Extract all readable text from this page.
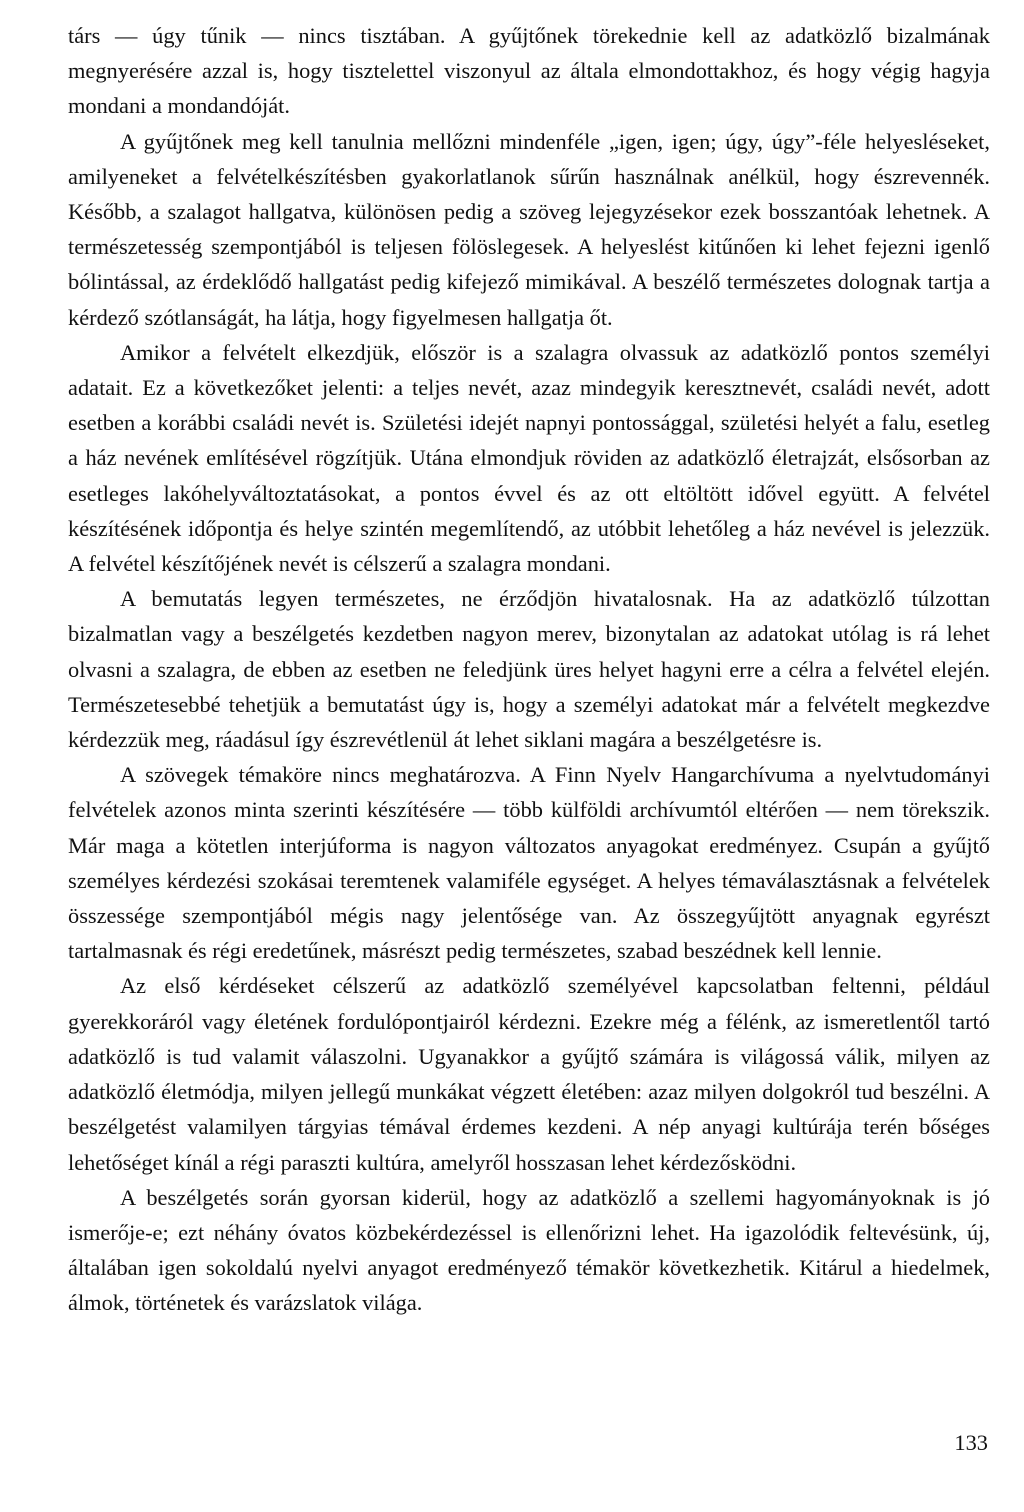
társ — úgy tűnik — nincs tisztában. A gyűjtőnek törekednie kell az adatközlő bizalmának megnyerésére azzal is, hogy tisztelettel viszonyul az általa elmondottakhoz, és hogy végig hagyja mondani a mondandóját.

A gyűjtőnek meg kell tanulnia mellőzni mindenféle „igen, igen; úgy, úgy”-féle helyesléseket, amilyeneket a felvételkészítésben gyakorlatlanok sűrűn használnak anélkül, hogy észrevennék. Később, a szalagot hallgatva, különösen pedig a szöveg lejegyzésekor ezek bosszantóak lehetnek. A természetesség szempontjából is teljesen fölöslegesek. A helyeslést kitűnően ki lehet fejezni igenlő bólintással, az érdeklődő hallgatást pedig kifejező mimikával. A beszélő természetes dolognak tartja a kérdező szótlanságát, ha látja, hogy figyelmesen hallgatja őt.

Amikor a felvételt elkezdjük, először is a szalagra olvassuk az adatközlő pontos személyi adatait. Ez a következőket jelenti: a teljes nevét, azaz mindegyik keresztnevét, családi nevét, adott esetben a korábbi családi nevét is. Születési idejét napnyi pontossággal, születési helyét a falu, esetleg a ház nevének említésével rögzítjük. Utána elmondjuk röviden az adatközlő életrajzát, elsősorban az esetleges lakóhelyváltoztatásokat, a pontos évvel és az ott eltöltött idővel együtt. A felvétel készítésének időpontja és helye szintén megemlítendő, az utóbbit lehetőleg a ház nevével is jelezzük. A felvétel készítőjének nevét is célszerű a szalagra mondani.

A bemutatás legyen természetes, ne érződjön hivatalosnak. Ha az adatközlő túlzottan bizalmatlan vagy a beszélgetés kezdetben nagyon merev, bizonytalan az adatokat utólag is rá lehet olvasni a szalagra, de ebben az esetben ne feledjünk üres helyet hagyni erre a célra a felvétel elején. Természetesebbé tehetjük a bemutatást úgy is, hogy a személyi adatokat már a felvételt megkezdve kérdezzük meg, ráadásul így észrevétlenül át lehet siklani magára a beszélgetésre is.

A szövegek témaköre nincs meghatározva. A Finn Nyelv Hangarchívuma a nyelvtudományi felvételek azonos minta szerinti készítésére — több külföldi archívumtól eltérően — nem törekszik. Már maga a kötetlen interjúforma is nagyon változatos anyagokat eredményez. Csupán a gyűjtő személyes kérdezési szokásai teremtenek valamiféle egységet. A helyes témaválasztásnak a felvételek összessége szempontjából mégis nagy jelentősége van. Az összegyűjtött anyagnak egyrészt tartalmasnak és régi eredetűnek, másrészt pedig természetes, szabad beszédnek kell lennie.

Az első kérdéseket célszerű az adatközlő személyével kapcsolatban feltenni, például gyerekkoráról vagy életének fordulópontjairól kérdezni. Ezekre még a félénk, az ismeretlentől tartó adatközlő is tud valamit válaszolni. Ugyanakkor a gyűjtő számára is világossá válik, milyen az adatközlő életmódja, milyen jellegű munkákat végzett életében: azaz milyen dolgokról tud beszélni. A beszélgetést valamilyen tárgyias témával érdemes kezdeni. A nép anyagi kultúrája terén bőséges lehetőséget kínál a régi paraszti kultúra, amelyről hosszasan lehet kérdezősködni.

A beszélgetés során gyorsan kiderül, hogy az adatközlő a szellemi hagyományoknak is jó ismerője-e; ezt néhány óvatos közbekérdezéssel is ellenőrizni lehet. Ha igazolódik feltevésünk, új, általában igen sokoldalú nyelvi anyagot eredményező témakör következhetik. Kitárul a hiedelmek, álmok, történetek és varázslatok világa.

133
